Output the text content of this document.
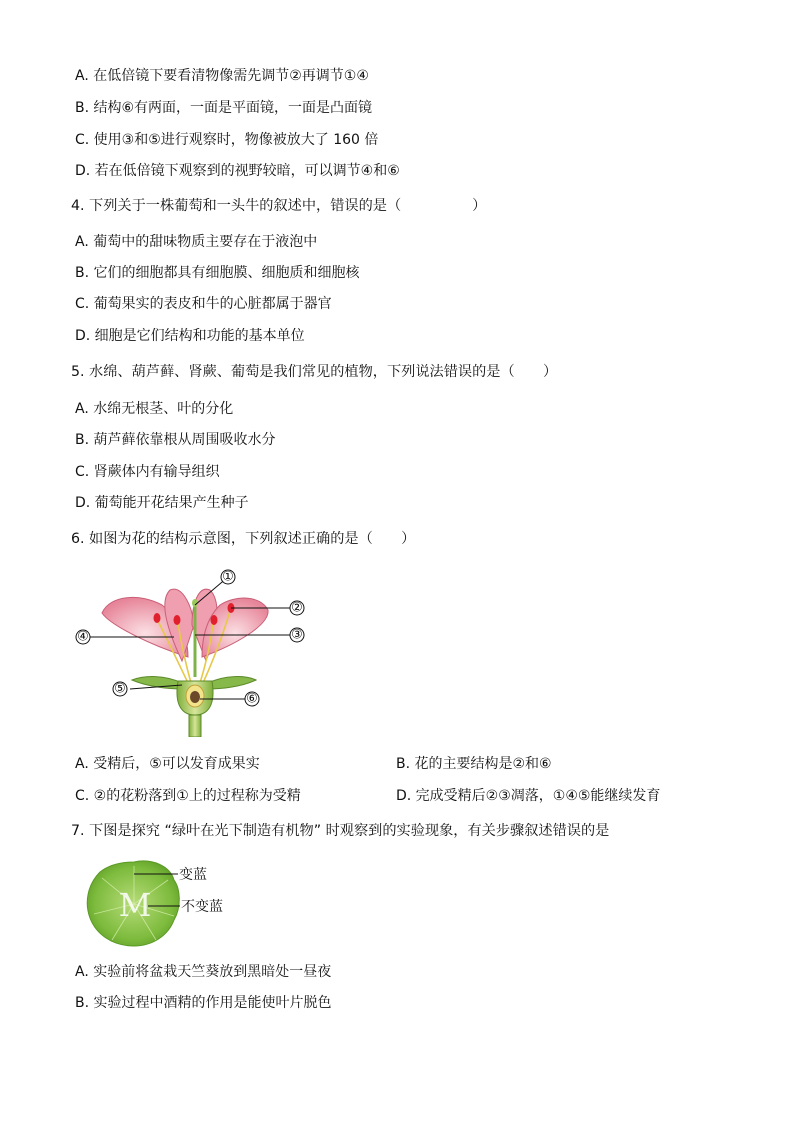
A. 在低倍镜下要看清物像需先调节②再调节①④
B. 结构⑥有两面，一面是平面镜，一面是凸面镜
C. 使用③和⑤进行观察时，物像被放大了 160 倍
D. 若在低倍镜下观察到的视野较暗，可以调节④和⑥
4. 下列关于一株葡萄和一头牛的叙述中，错误的是（　　　　　）
A. 葡萄中的甜味物质主要存在于液泡中
B. 它们的细胞都具有细胞膜、细胞质和细胞核
C. 葡萄果实的表皮和牛的心脏都属于器官
D. 细胞是它们结构和功能的基本单位
5. 水绵、葫芦藓、肾蕨、葡萄是我们常见的植物，下列说法错误的是（　　）
A. 水绵无根茎、叶的分化
B. 葫芦藓依靠根从周围吸收水分
C. 肾蕨体内有输导组织
D. 葡萄能开花结果产生种子
6. 如图为花的结构示意图，下列叙述正确的是（　　）
①
②
③
④
⑤
⑥
A. 受精后，⑤可以发育成果实	B. 花的主要结构是②和⑥
C. ②的花粉落到①上的过程称为受精	D. 完成受精后②③凋落，①④⑤能继续发育
7. 下图是探究 “绿叶在光下制造有机物” 时观察到的实验现象，有关步骤叙述错误的是
M
变蓝
不变蓝
A. 实验前将盆栽天竺葵放到黑暗处一昼夜
B. 实验过程中酒精的作用是能使叶片脱色
